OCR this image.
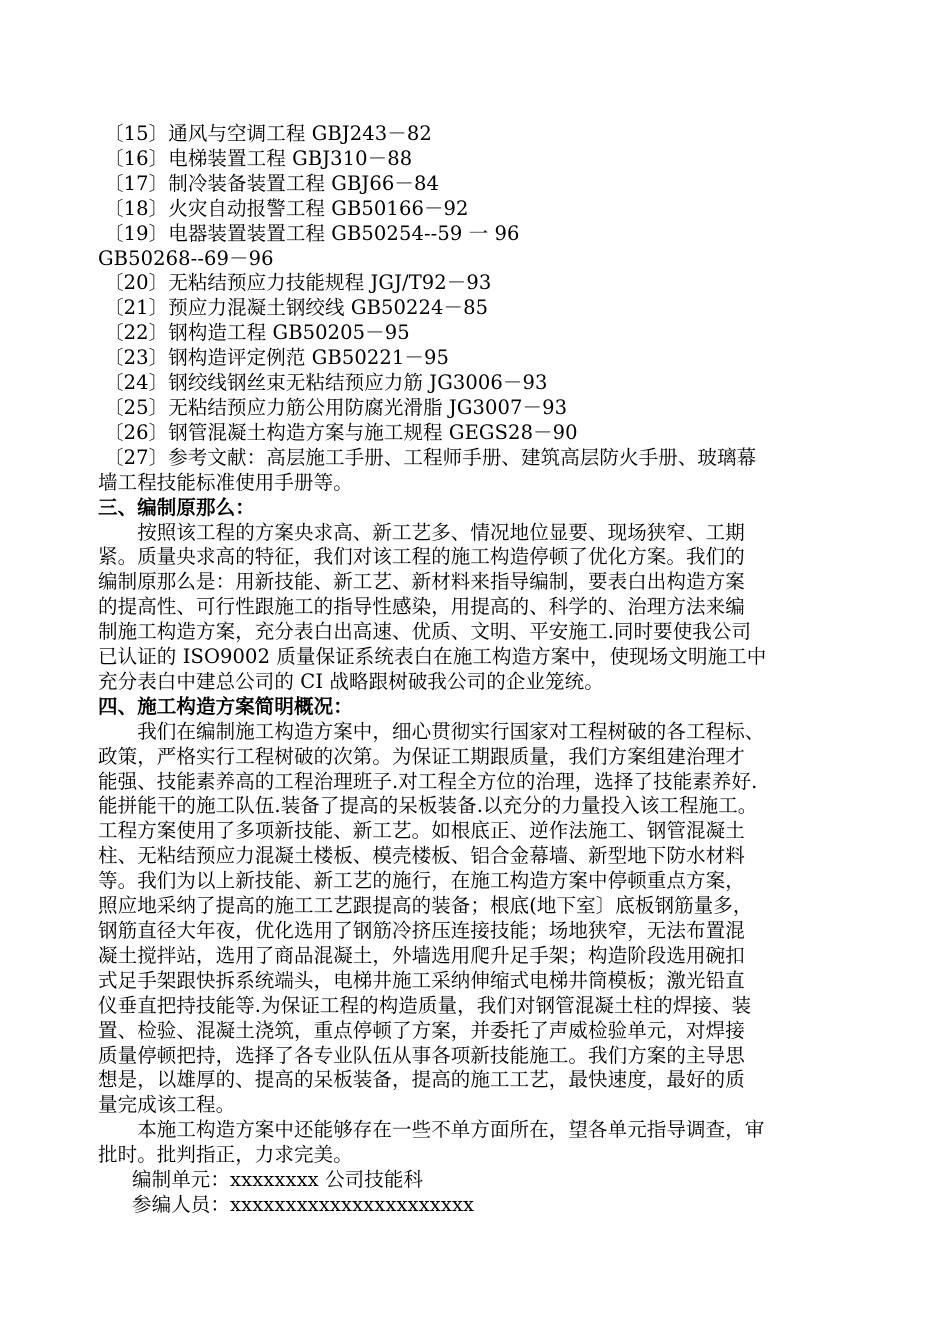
〔15〕通风与空调工程 GBJ243－82
〔16〕电梯装置工程 GBJ310－88
〔17〕制冷装备装置工程 GBJ66－84
〔18〕火灾自动报警工程 GB50166－92
〔19〕电器装置装置工程 GB50254--59 一 96
GB50268--69－96
〔20〕无粘结预应力技能规程 JGJ/T92－93
〔21〕预应力混凝土钢绞线 GB50224－85
〔22〕钢构造工程 GB50205－95
〔23〕钢构造评定例范 GB50221－95
〔24〕钢绞线钢丝束无粘结预应力筋 JG3006－93
〔25〕无粘结预应力筋公用防腐光滑脂 JG3007－93
〔26〕钢管混凝土构造方案与施工规程 GEGS28－90
〔27〕参考文献：高层施工手册、工程师手册、建筑高层防火手册、玻璃幕
墙工程技能标准使用手册等。
三、编制原那么：
　　按照该工程的方案央求高、新工艺多、情况地位显要、现场狭窄、工期
紧。质量央求高的特征，我们对该工程的施工构造停顿了优化方案。我们的
编制原那么是：用新技能、新工艺、新材料来指导编制，要表白出构造方案
的提高性、可行性跟施工的指导性感染，用提高的、科学的、治理方法来编
制施工构造方案，充分表白出高速、优质、文明、平安施工.同时要使我公司
已认证的 ISO9002 质量保证系统表白在施工构造方案中，使现场文明施工中
充分表白中建总公司的 CI 战略跟树破我公司的企业笼统。
四、施工构造方案简明概况：
　　我们在编制施工构造方案中，细心贯彻实行国家对工程树破的各工程标、
政策，严格实行工程树破的次第。为保证工期跟质量，我们方案组建治理才
能强、技能素养高的工程治理班子.对工程全方位的治理，选择了技能素养好.
能拼能干的施工队伍.装备了提高的呆板装备.以充分的力量投入该工程施工。
工程方案使用了多项新技能、新工艺。如根底正、逆作法施工、钢管混凝土
柱、无粘结预应力混凝土楼板、模壳楼板、铝合金幕墙、新型地下防水材料
等。我们为以上新技能、新工艺的施行，在施工构造方案中停顿重点方案，
照应地采纳了提高的施工工艺跟提高的装备；根底(地下室〕底板钢筋量多，
钢筋直径大年夜，优化选用了钢筋冷挤压连接技能；场地狭窄，无法布置混
凝土搅拌站，选用了商品混凝土，外墙选用爬升足手架；构造阶段选用碗扣
式足手架跟快拆系统端头，电梯井施工采纳伸缩式电梯井筒模板；激光铅直
仪垂直把持技能等.为保证工程的构造质量，我们对钢管混凝土柱的焊接、装
置、检验、混凝土浇筑，重点停顿了方案，并委托了声威检验单元，对焊接
质量停顿把持，选择了各专业队伍从事各项新技能施工。我们方案的主导思
想是，以雄厚的、提高的呆板装备，提高的施工工艺，最快速度，最好的质
量完成该工程。
　　本施工构造方案中还能够存在一些不单方面所在，望各单元指导调查，审
批时。批判指正，力求完美。
编制单元：xxxxxxxx 公司技能科
参编人员：xxxxxxxxxxxxxxxxxxxxxx
